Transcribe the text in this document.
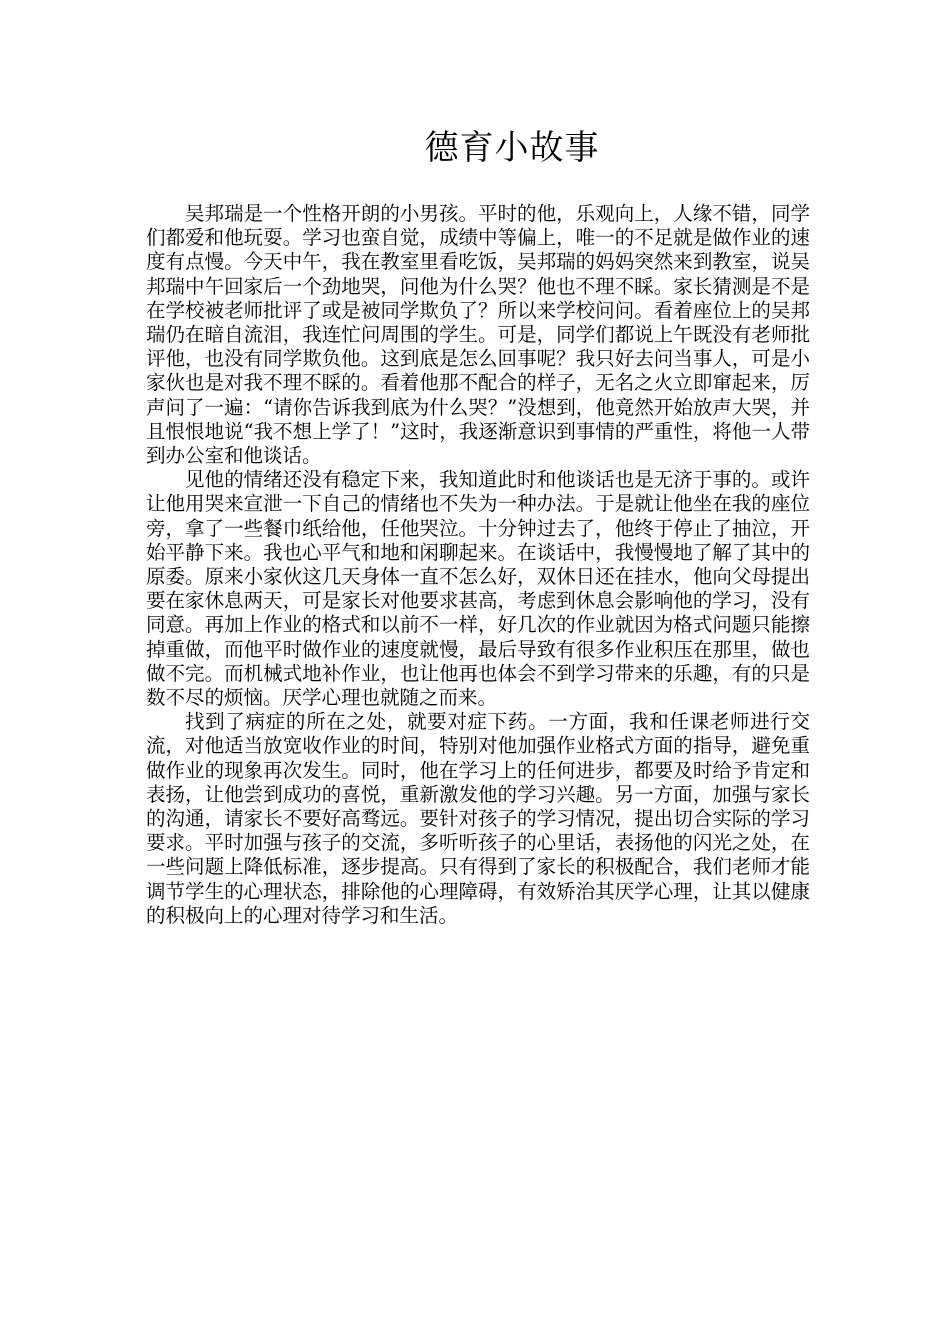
德育小故事

吴邦瑞是一个性格开朗的小男孩。平时的他，乐观向上，人缘不错，同学们都爱和他玩耍。学习也蛮自觉，成绩中等偏上，唯一的不足就是做作业的速度有点慢。今天中午，我在教室里看吃饭，吴邦瑞的妈妈突然来到教室，说吴邦瑞中午回家后一个劲地哭，问他为什么哭？他也不理不睬。家长猜测是不是在学校被老师批评了或是被同学欺负了？所以来学校问问。看着座位上的吴邦瑞仍在暗自流泪，我连忙问周围的学生。可是，同学们都说上午既没有老师批评他，也没有同学欺负他。这到底是怎么回事呢？我只好去问当事人，可是小家伙也是对我不理不睬的。看着他那不配合的样子，无名之火立即窜起来，厉声问了一遍：“请你告诉我到底为什么哭？”没想到，他竟然开始放声大哭，并且恨恨地说“我不想上学了！”这时，我逐渐意识到事情的严重性，将他一人带到办公室和他谈话。

见他的情绪还没有稳定下来，我知道此时和他谈话也是无济于事的。或许让他用哭来宣泄一下自己的情绪也不失为一种办法。于是就让他坐在我的座位旁，拿了一些餐巾纸给他，任他哭泣。十分钟过去了，他终于停止了抽泣，开始平静下来。我也心平气和地和闲聊起来。在谈话中，我慢慢地了解了其中的原委。原来小家伙这几天身体一直不怎么好，双休日还在挂水，他向父母提出要在家休息两天，可是家长对他要求甚高，考虑到休息会影响他的学习，没有同意。再加上作业的格式和以前不一样，好几次的作业就因为格式问题只能擦掉重做，而他平时做作业的速度就慢，最后导致有很多作业积压在那里，做也做不完。而机械式地补作业，也让他再也体会不到学习带来的乐趣，有的只是数不尽的烦恼。厌学心理也就随之而来。

找到了病症的所在之处，就要对症下药。一方面，我和任课老师进行交流，对他适当放宽收作业的时间，特别对他加强作业格式方面的指导，避免重做作业的现象再次发生。同时，他在学习上的任何进步，都要及时给予肯定和表扬，让他尝到成功的喜悦，重新激发他的学习兴趣。另一方面，加强与家长的沟通，请家长不要好高骛远。要针对孩子的学习情况，提出切合实际的学习要求。平时加强与孩子的交流，多听听孩子的心里话，表扬他的闪光之处，在一些问题上降低标准，逐步提高。只有得到了家长的积极配合，我们老师才能调节学生的心理状态，排除他的心理障碍，有效矫治其厌学心理，让其以健康的积极向上的心理对待学习和生活。
